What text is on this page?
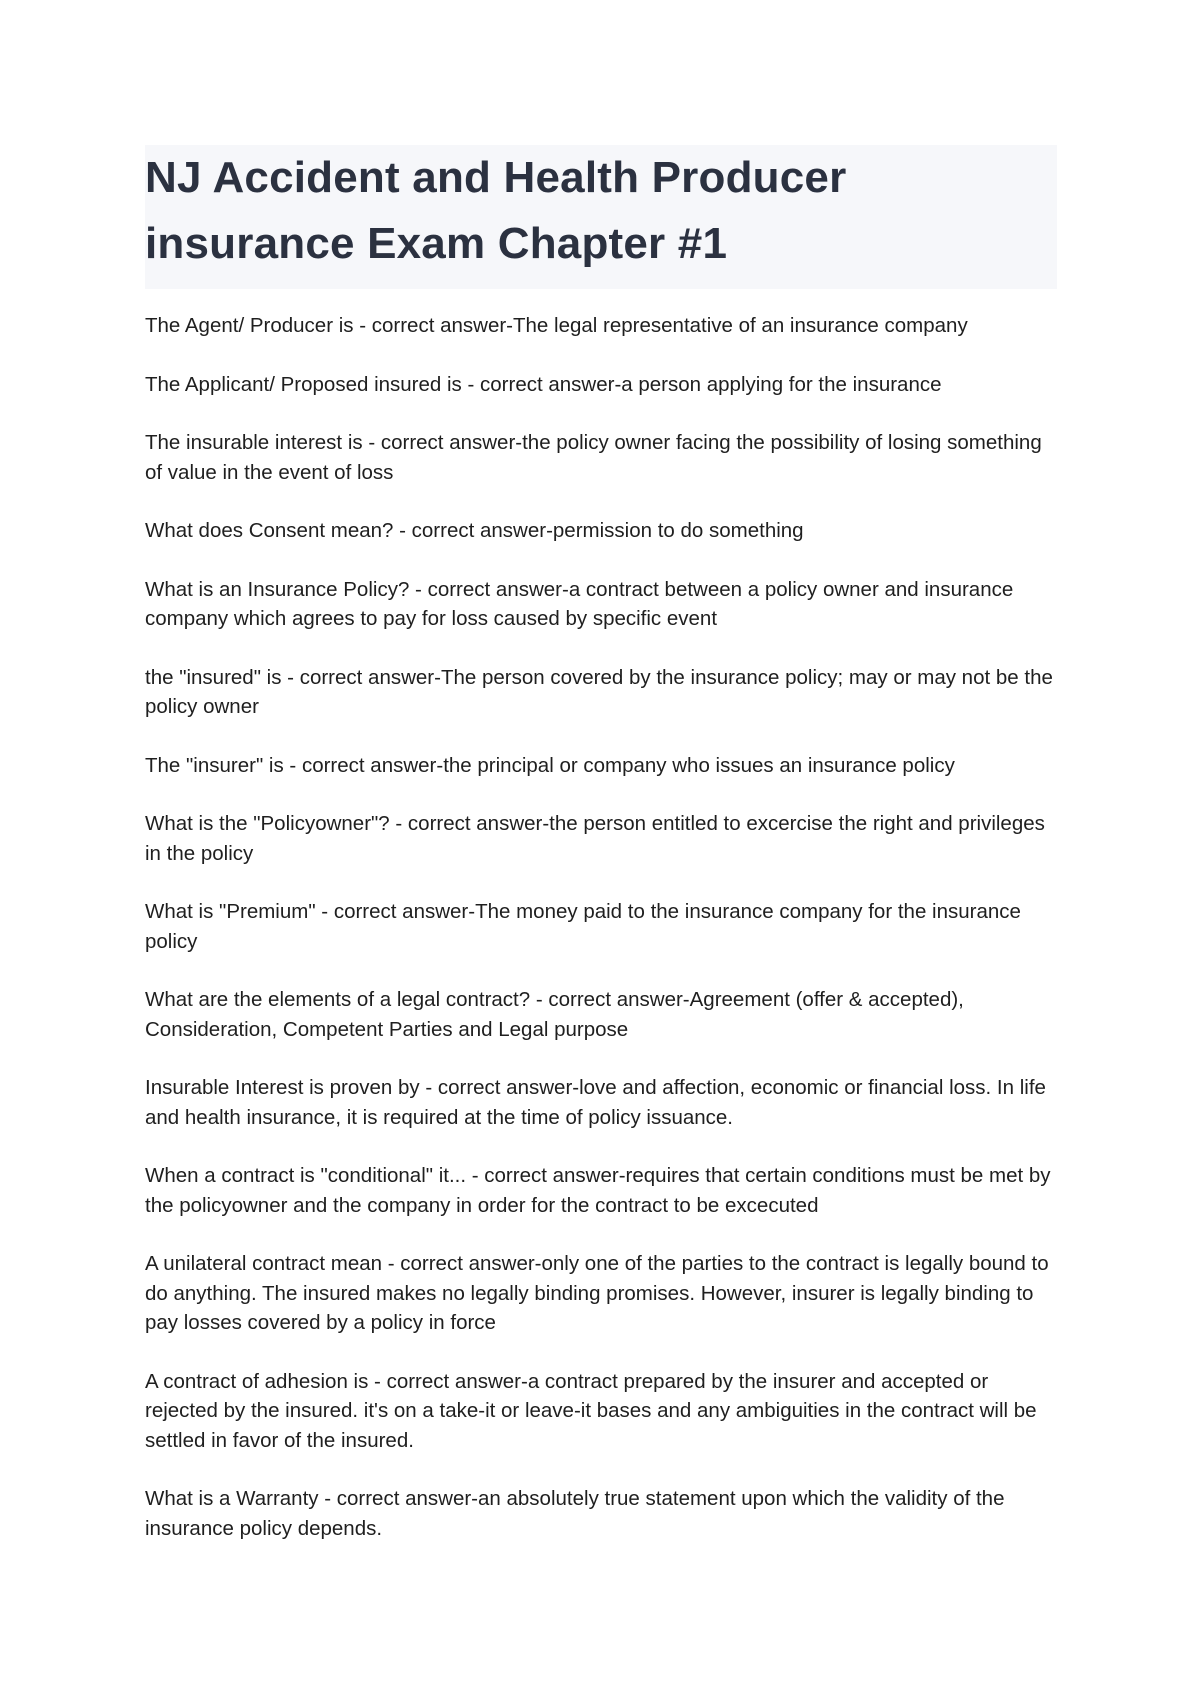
NJ Accident and Health Producer insurance Exam Chapter #1
The Agent/ Producer is - correct answer-The legal representative of an insurance company
The Applicant/ Proposed insured is - correct answer-a person applying for the insurance
The insurable interest is - correct answer-the policy owner facing the possibility of losing something of value in the event of loss
What does Consent mean? - correct answer-permission to do something
What is an Insurance Policy? - correct answer-a contract between a policy owner and insurance company which agrees to pay for loss caused by specific event
the "insured" is - correct answer-The person covered by the insurance policy; may or may not be the policy owner
The "insurer" is - correct answer-the principal or company who issues an insurance policy
What is the "Policyowner"? - correct answer-the person entitled to excercise the right and privileges in the policy
What is "Premium" - correct answer-The money paid to the insurance company for the insurance policy
What are the elements of a legal contract? - correct answer-Agreement (offer & accepted), Consideration, Competent Parties and Legal purpose
Insurable Interest is proven by - correct answer-love and affection, economic or financial loss. In life and health insurance, it is required at the time of policy issuance.
When a contract is "conditional" it... - correct answer-requires that certain conditions must be met by the policyowner and the company in order for the contract to be excecuted
A unilateral contract mean - correct answer-only one of the parties to the contract is legally bound to do anything. The insured makes no legally binding promises. However, insurer is legally binding to pay losses covered by a policy in force
A contract of adhesion is - correct answer-a contract prepared by the insurer and accepted or rejected by the insured. it's on a take-it or leave-it bases and any ambiguities in the contract will be settled in favor of the insured.
What is a Warranty - correct answer-an absolutely true statement upon which the validity of the insurance policy depends.
